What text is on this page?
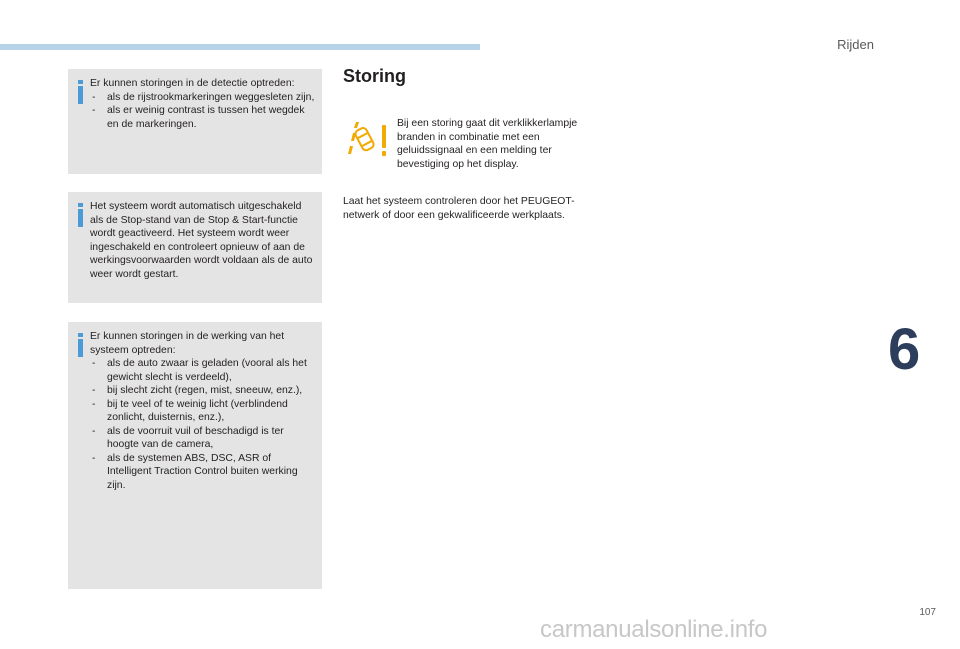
Rijden
6
107

Er kunnen storingen in de detectie optreden:

- als de rijstrookmarkeringen weggesleten zijn,
- als er weinig contrast is tussen het wegdek en de markeringen.

Het systeem wordt automatisch uitgeschakeld als de Stop-stand van de Stop & Start-functie wordt geactiveerd. Het systeem wordt weer ingeschakeld en controleert opnieuw of aan de werkingsvoorwaarden wordt voldaan als de auto weer wordt gestart.

Er kunnen storingen in de werking van het systeem optreden:

- als de auto zwaar is geladen (vooral als het gewicht slecht is verdeeld),
- bij slecht zicht (regen, mist, sneeuw, enz.),
- bij te veel of te weinig licht (verblindend zonlicht, duisternis, enz.),
- als de voorruit vuil of beschadigd is ter hoogte van de camera,
- als de systemen ABS, DSC, ASR of Intelligent Traction Control buiten werking zijn.
Storing
Bij een storing gaat dit verklikkerlampje branden in combinatie met een geluidssignaal en een melding ter bevestiging op het display.
Laat het systeem controleren door het PEUGEOT-netwerk of door een gekwalificeerde werkplaats.
carmanualsonline.info
